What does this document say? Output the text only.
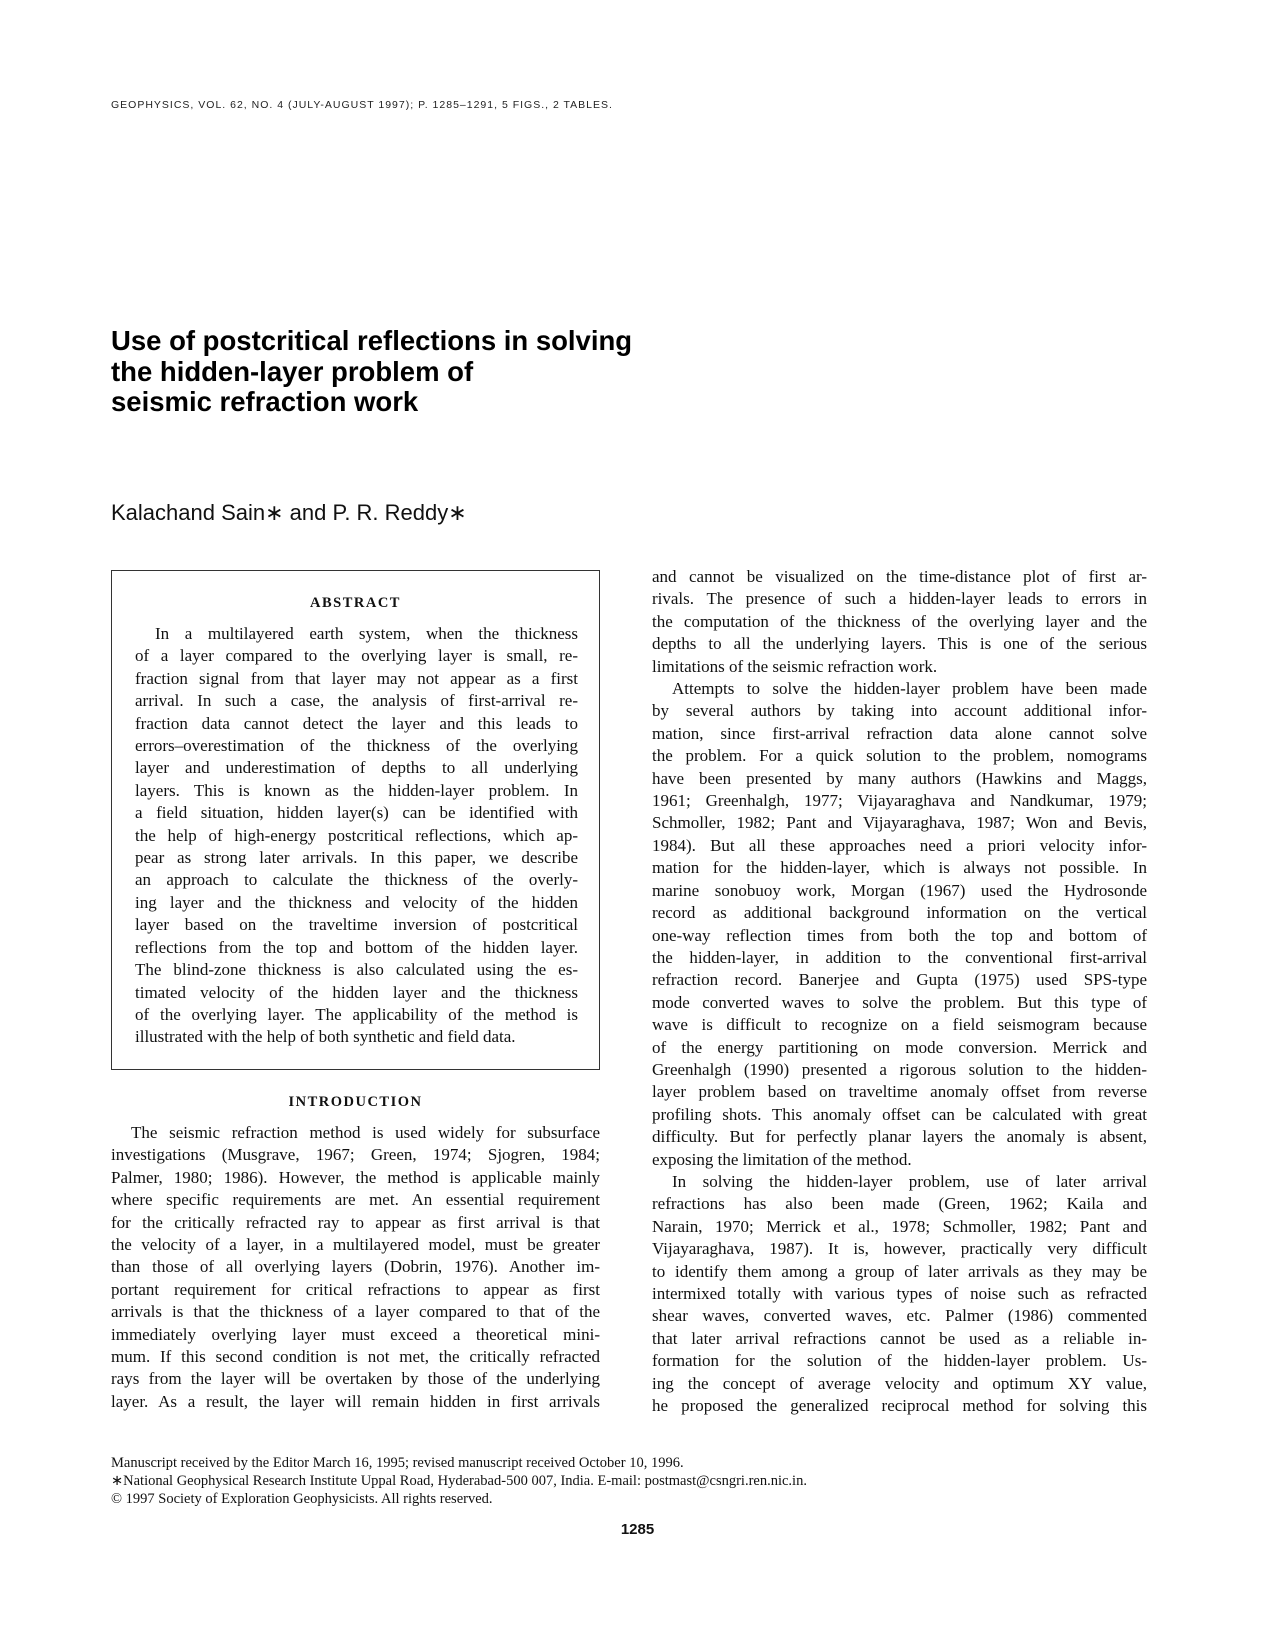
GEOPHYSICS, VOL. 62, NO. 4 (JULY-AUGUST 1997); P. 1285–1291, 5 FIGS., 2 TABLES.
Use of postcritical reflections in solving
the hidden-layer problem of
seismic refraction work
Kalachand Sain∗ and P. R. Reddy∗
ABSTRACT
In a multilayered earth system, when the thickness
of a layer compared to the overlying layer is small, re-
fraction signal from that layer may not appear as a first
arrival. In such a case, the analysis of first-arrival re-
fraction data cannot detect the layer and this leads to
errors–overestimation of the thickness of the overlying
layer and underestimation of depths to all underlying
layers. This is known as the hidden-layer problem. In
a field situation, hidden layer(s) can be identified with
the help of high-energy postcritical reflections, which ap-
pear as strong later arrivals. In this paper, we describe
an approach to calculate the thickness of the overly-
ing layer and the thickness and velocity of the hidden
layer based on the traveltime inversion of postcritical
reflections from the top and bottom of the hidden layer.
The blind-zone thickness is also calculated using the es-
timated velocity of the hidden layer and the thickness
of the overlying layer. The applicability of the method is
illustrated with the help of both synthetic and field data.
INTRODUCTION
The seismic refraction method is used widely for subsurface
investigations (Musgrave, 1967; Green, 1974; Sjogren, 1984;
Palmer, 1980; 1986). However, the method is applicable mainly
where specific requirements are met. An essential requirement
for the critically refracted ray to appear as first arrival is that
the velocity of a layer, in a multilayered model, must be greater
than those of all overlying layers (Dobrin, 1976). Another im-
portant requirement for critical refractions to appear as first
arrivals is that the thickness of a layer compared to that of the
immediately overlying layer must exceed a theoretical mini-
mum. If this second condition is not met, the critically refracted
rays from the layer will be overtaken by those of the underlying
layer. As a result, the layer will remain hidden in first arrivals
and cannot be visualized on the time-distance plot of first ar-
rivals. The presence of such a hidden-layer leads to errors in
the computation of the thickness of the overlying layer and the
depths to all the underlying layers. This is one of the serious
limitations of the seismic refraction work.
Attempts to solve the hidden-layer problem have been made
by several authors by taking into account additional infor-
mation, since first-arrival refraction data alone cannot solve
the problem. For a quick solution to the problem, nomograms
have been presented by many authors (Hawkins and Maggs,
1961; Greenhalgh, 1977; Vijayaraghava and Nandkumar, 1979;
Schmoller, 1982; Pant and Vijayaraghava, 1987; Won and Bevis,
1984). But all these approaches need a priori velocity infor-
mation for the hidden-layer, which is always not possible. In
marine sonobuoy work, Morgan (1967) used the Hydrosonde
record as additional background information on the vertical
one-way reflection times from both the top and bottom of
the hidden-layer, in addition to the conventional first-arrival
refraction record. Banerjee and Gupta (1975) used SPS-type
mode converted waves to solve the problem. But this type of
wave is difficult to recognize on a field seismogram because
of the energy partitioning on mode conversion. Merrick and
Greenhalgh (1990) presented a rigorous solution to the hidden-
layer problem based on traveltime anomaly offset from reverse
profiling shots. This anomaly offset can be calculated with great
difficulty. But for perfectly planar layers the anomaly is absent,
exposing the limitation of the method.
In solving the hidden-layer problem, use of later arrival
refractions has also been made (Green, 1962; Kaila and
Narain, 1970; Merrick et al., 1978; Schmoller, 1982; Pant and
Vijayaraghava, 1987). It is, however, practically very difficult
to identify them among a group of later arrivals as they may be
intermixed totally with various types of noise such as refracted
shear waves, converted waves, etc. Palmer (1986) commented
that later arrival refractions cannot be used as a reliable in-
formation for the solution of the hidden-layer problem. Us-
ing the concept of average velocity and optimum XY value,
he proposed the generalized reciprocal method for solving this
Manuscript received by the Editor March 16, 1995; revised manuscript received October 10, 1996.
∗National Geophysical Research Institute Uppal Road, Hyderabad-500 007, India. E-mail: postmast@csngri.ren.nic.in.
© 1997 Society of Exploration Geophysicists. All rights reserved.
1285
